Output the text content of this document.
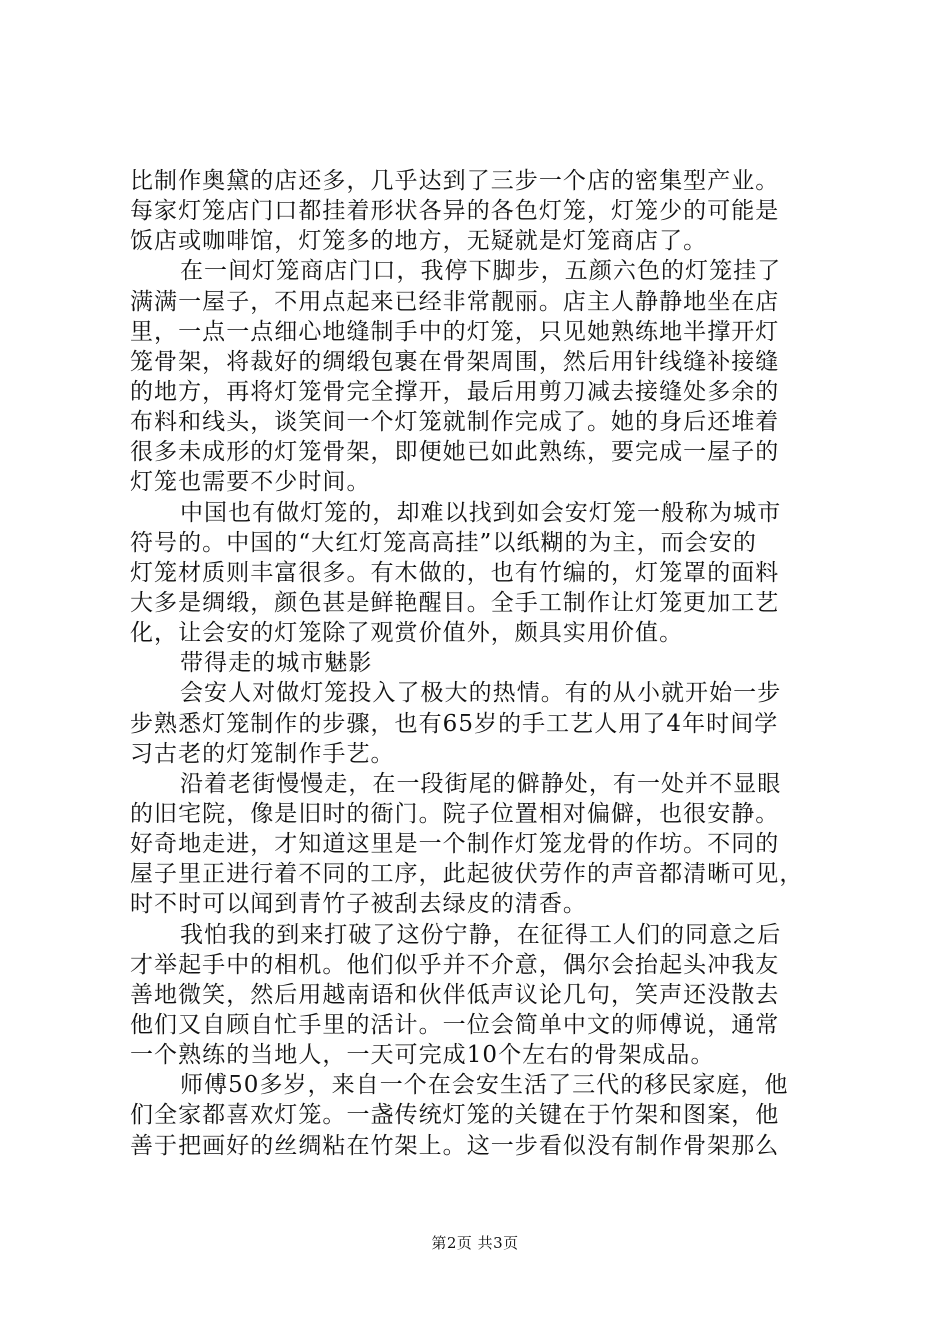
比制作奥黛的店还多，几乎达到了三步一个店的密集型产业。
每家灯笼店门口都挂着形状各异的各色灯笼，灯笼少的可能是
饭店或咖啡馆，灯笼多的地方，无疑就是灯笼商店了。
在一间灯笼商店门口，我停下脚步，五颜六色的灯笼挂了
满满一屋子，不用点起来已经非常靓丽。店主人静静地坐在店
里，一点一点细心地缝制手中的灯笼，只见她熟练地半撑开灯
笼骨架，将裁好的绸缎包裹在骨架周围，然后用针线缝补接缝
的地方，再将灯笼骨完全撑开，最后用剪刀减去接缝处多余的
布料和线头，谈笑间一个灯笼就制作完成了。她的身后还堆着
很多未成形的灯笼骨架，即便她已如此熟练，要完成一屋子的
灯笼也需要不少时间。
中国也有做灯笼的，却难以找到如会安灯笼一般称为城市
符号的。中国的“大红灯笼高高挂”以纸糊的为主，而会安的
灯笼材质则丰富很多。有木做的，也有竹编的，灯笼罩的面料
大多是绸缎，颜色甚是鲜艳醒目。全手工制作让灯笼更加工艺
化，让会安的灯笼除了观赏价值外，颇具实用价值。
带得走的城市魅影
会安人对做灯笼投入了极大的热情。有的从小就开始一步
步熟悉灯笼制作的步骤，也有65岁的手工艺人用了4年时间学
习古老的灯笼制作手艺。
沿着老街慢慢走，在一段街尾的僻静处，有一处并不显眼
的旧宅院，像是旧时的衙门。院子位置相对偏僻，也很安静。
好奇地走进，才知道这里是一个制作灯笼龙骨的作坊。不同的
屋子里正进行着不同的工序，此起彼伏劳作的声音都清晰可见，
时不时可以闻到青竹子被刮去绿皮的清香。
我怕我的到来打破了这份宁静，在征得工人们的同意之后
才举起手中的相机。他们似乎并不介意，偶尔会抬起头冲我友
善地微笑，然后用越南语和伙伴低声议论几句，笑声还没散去
他们又自顾自忙手里的活计。一位会简单中文的师傅说，通常
一个熟练的当地人，一天可完成10个左右的骨架成品。
师傅50多岁，来自一个在会安生活了三代的移民家庭，他
们全家都喜欢灯笼。一盏传统灯笼的关键在于竹架和图案，他
善于把画好的丝绸粘在竹架上。这一步看似没有制作骨架那么
第2页 共3页
